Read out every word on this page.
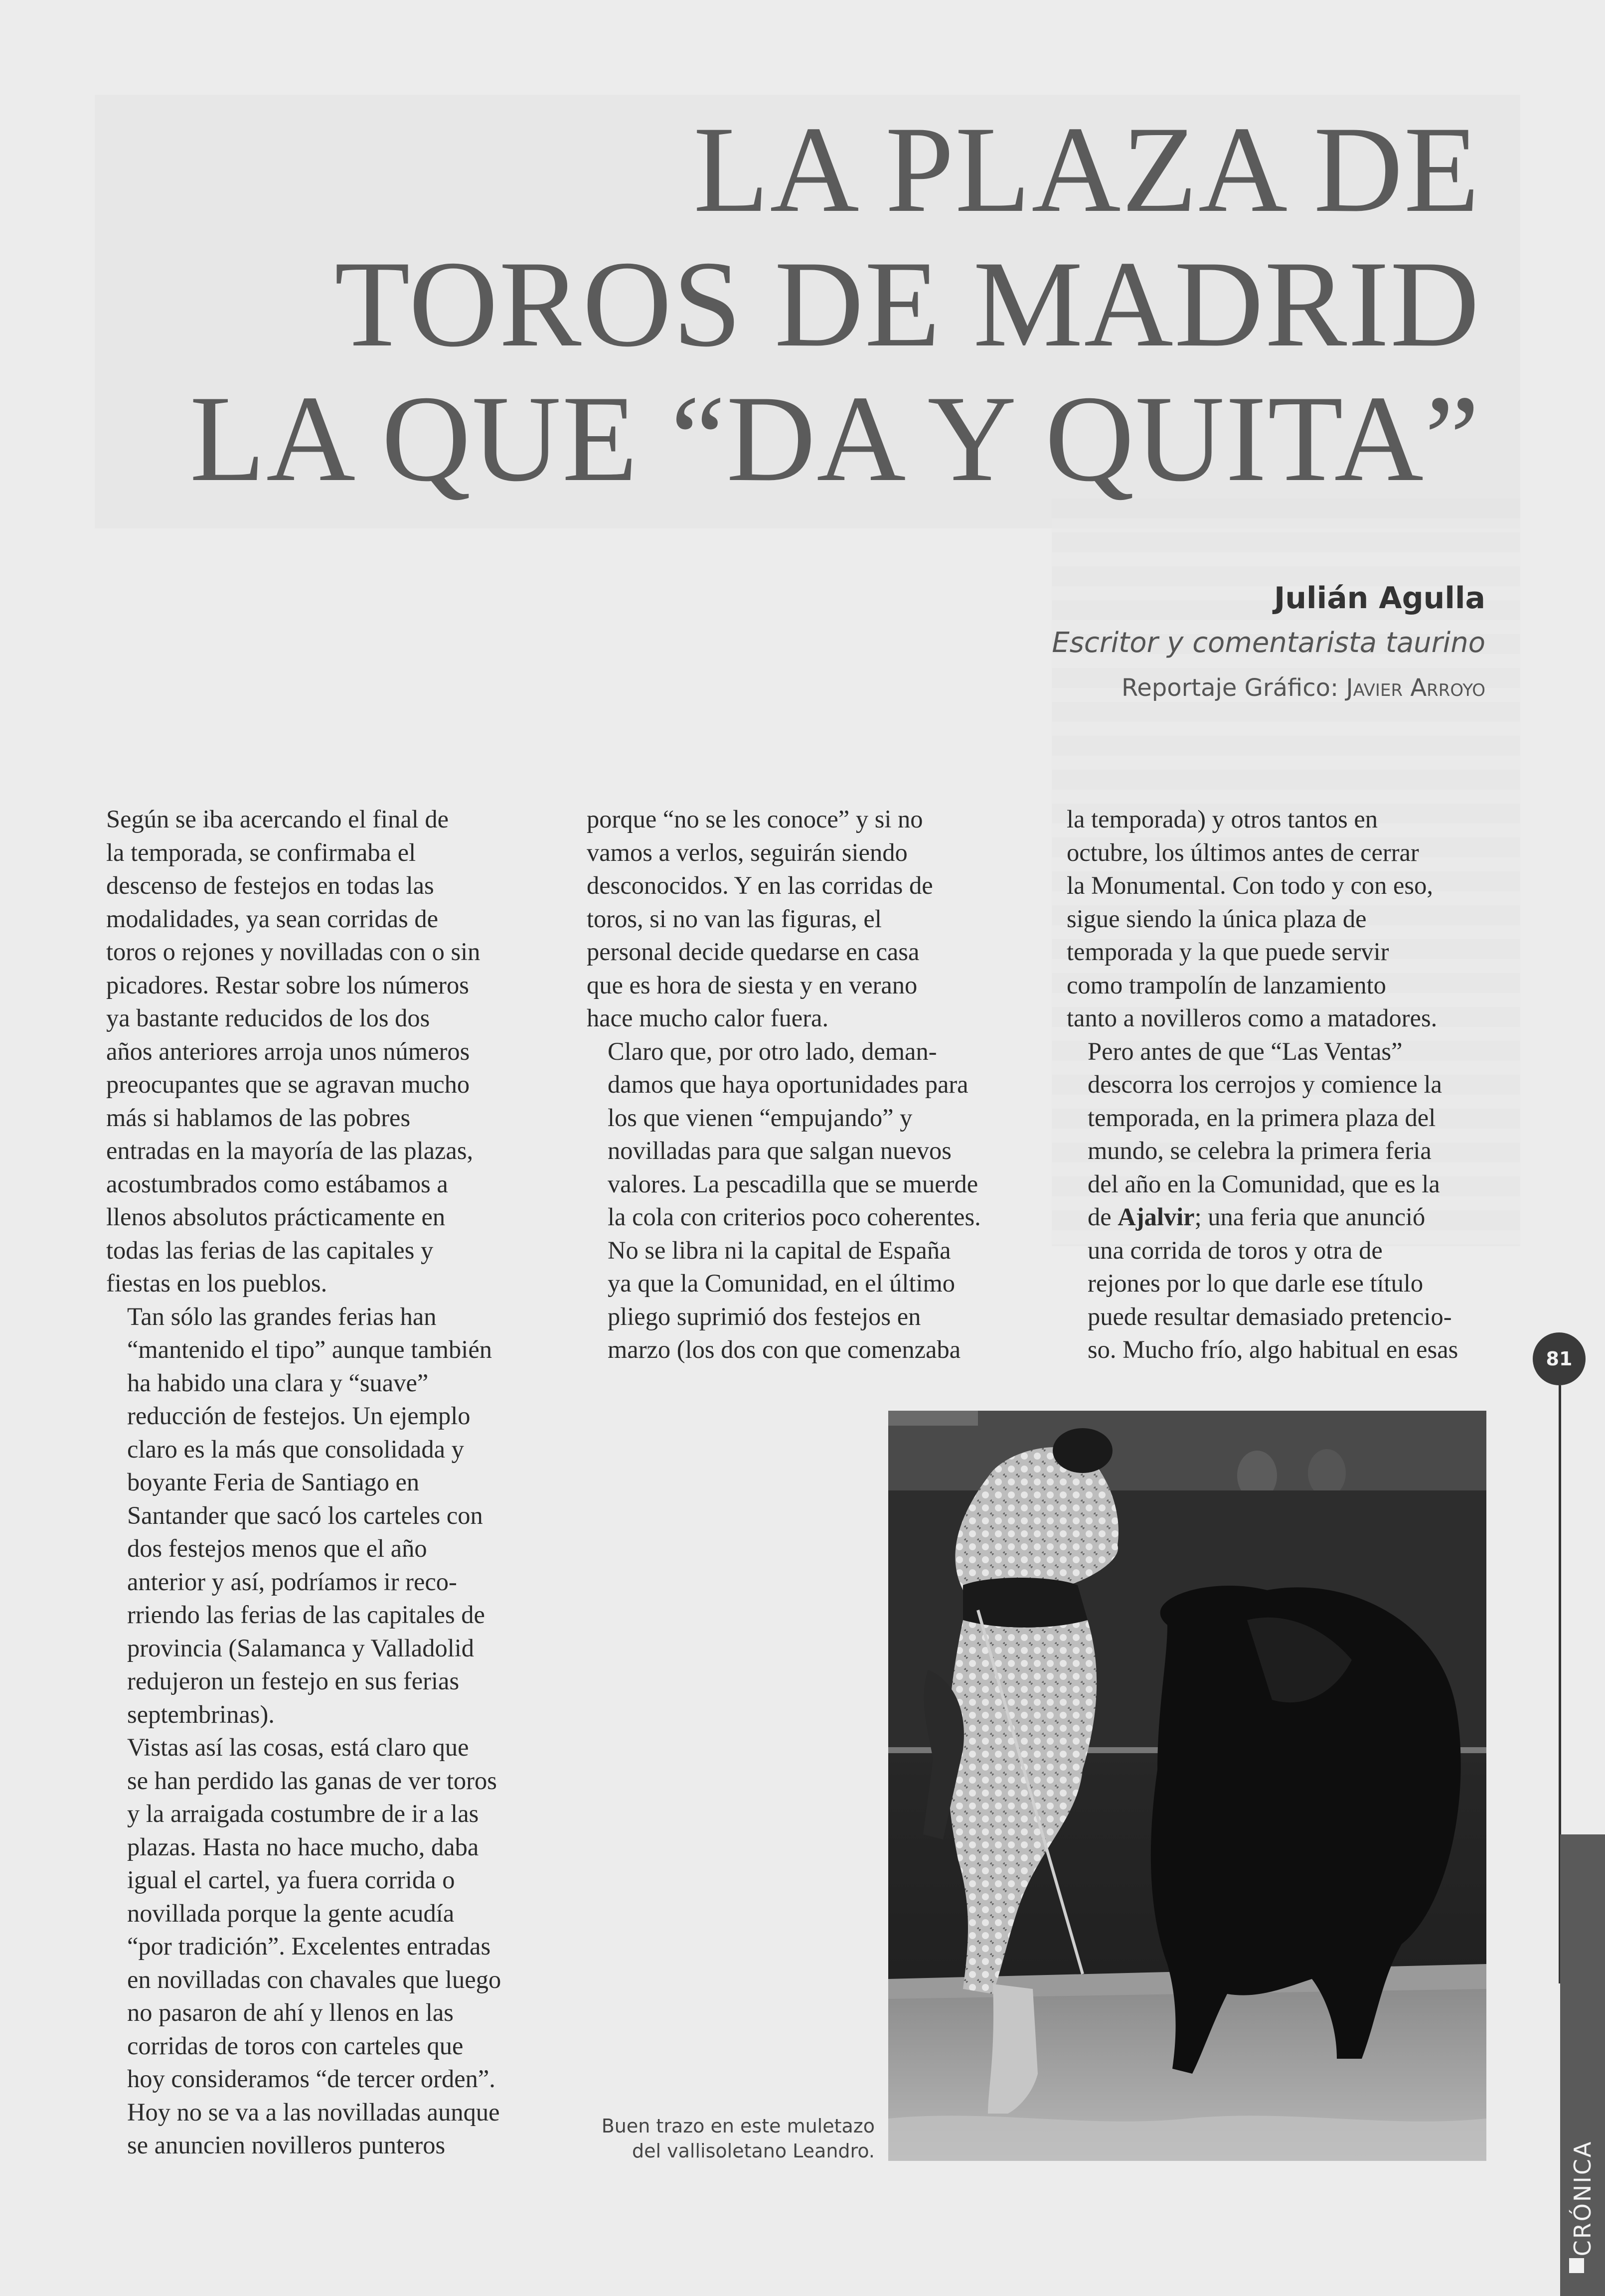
LA PLAZA DE
TOROS DE MADRID
LA QUE “DA Y QUITA”
Julián Agulla
Escritor y comentarista taurino
Reportaje Gráfico: Javier Arroyo

Según se iba acercando el final de
la temporada, se confirmaba el
descenso de festejos en todas las
modalidades, ya sean corridas de
toros o rejones y novilladas con o sin
picadores. Restar sobre los números
ya bastante reducidos de los dos
años anteriores arroja unos números
preocupantes que se agravan mucho
más si hablamos de las pobres
entradas en la mayoría de las plazas,
acostumbrados como estábamos a
llenos absolutos prácticamente en
todas las ferias de las capitales y
fiestas en los pueblos.

Tan sólo las grandes ferias han
“mantenido el tipo” aunque también
ha habido una clara y “suave”
reducción de festejos. Un ejemplo
claro es la más que consolidada y
boyante Feria de Santiago en
Santander que sacó los carteles con
dos festejos menos que el año
anterior y así, podríamos ir reco-
rriendo las ferias de las capitales de
provincia (Salamanca y Valladolid
redujeron un festejo en sus ferias
septembrinas).

Vistas así las cosas, está claro que
se han perdido las ganas de ver toros
y la arraigada costumbre de ir a las
plazas. Hasta no hace mucho, daba
igual el cartel, ya fuera corrida o
novillada porque la gente acudía
“por tradición”. Excelentes entradas
en novilladas con chavales que luego
no pasaron de ahí y llenos en las
corridas de toros con carteles que
hoy consideramos “de tercer orden”.
Hoy no se va a las novilladas aunque
se anuncien novilleros punteros

porque “no se les conoce” y si no
vamos a verlos, seguirán siendo
desconocidos. Y en las corridas de
toros, si no van las figuras, el
personal decide quedarse en casa
que es hora de siesta y en verano
hace mucho calor fuera.

Claro que, por otro lado, deman-
damos que haya oportunidades para
los que vienen “empujando” y
novilladas para que salgan nuevos
valores. La pescadilla que se muerde
la cola con criterios poco coherentes.

No se libra ni la capital de España
ya que la Comunidad, en el último
pliego suprimió dos festejos en
marzo (los dos con que comenzaba

la temporada) y otros tantos en
octubre, los últimos antes de cerrar
la Monumental. Con todo y con eso,
sigue siendo la única plaza de
temporada y la que puede servir
como trampolín de lanzamiento
tanto a novilleros como a matadores.

Pero antes de que “Las Ventas”
descorra los cerrojos y comience la
temporada, en la primera plaza del
mundo, se celebra la primera feria
del año en la Comunidad, que es la
de Ajalvir; una feria que anunció
una corrida de toros y otra de
rejones por lo que darle ese título
puede resultar demasiado pretencio-
so. Mucho frío, algo habitual en esas

Buen trazo en este muletazo
del vallisoletano Leandro.
81
CRÓNICA
